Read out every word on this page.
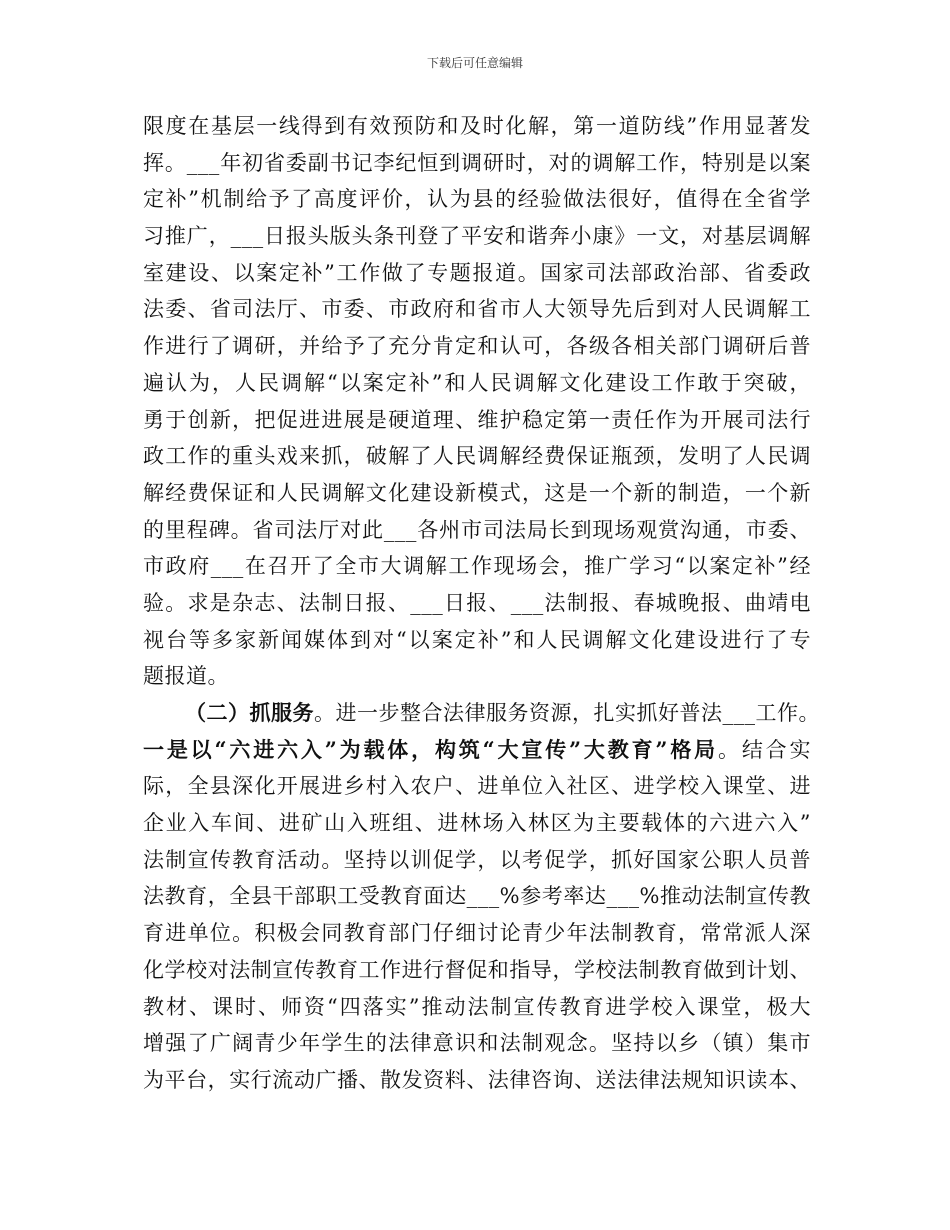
下载后可任意编辑
限度在基层一线得到有效预防和及时化解，第一道防线”作用显著发
挥。___年初省委副书记李纪恒到调研时，对的调解工作，特别是以案
定补”机制给予了高度评价，认为县的经验做法很好，值得在全省学
习推广，___日报头版头条刊登了平安和谐奔小康》一文，对基层调解
室建设、以案定补”工作做了专题报道。国家司法部政治部、省委政
法委、省司法厅、市委、市政府和省市人大领导先后到对人民调解工
作进行了调研，并给予了充分肯定和认可，各级各相关部门调研后普
遍认为，人民调解“以案定补”和人民调解文化建设工作敢于突破，
勇于创新，把促进进展是硬道理、维护稳定第一责任作为开展司法行
政工作的重头戏来抓，破解了人民调解经费保证瓶颈，发明了人民调
解经费保证和人民调解文化建设新模式，这是一个新的制造，一个新
的里程碑。省司法厅对此___各州市司法局长到现场观赏沟通，市委、
市政府___在召开了全市大调解工作现场会，推广学习“以案定补”经
验。求是杂志、法制日报、___日报、___法制报、春城晚报、曲靖电
视台等多家新闻媒体到对“以案定补”和人民调解文化建设进行了专
题报道。
（二）抓服务。进一步整合法律服务资源，扎实抓好普法___工作。
一是以“六进六入”为载体，构筑“大宣传”大教育”格局。结合实
际，全县深化开展进乡村入农户、进单位入社区、进学校入课堂、进
企业入车间、进矿山入班组、进林场入林区为主要载体的六进六入”
法制宣传教育活动。坚持以训促学，以考促学，抓好国家公职人员普
法教育，全县干部职工受教育面达___%参考率达___%推动法制宣传教
育进单位。积极会同教育部门仔细讨论青少年法制教育，常常派人深
化学校对法制宣传教育工作进行督促和指导，学校法制教育做到计划、
教材、课时、师资“四落实”推动法制宣传教育进学校入课堂，极大
增强了广阔青少年学生的法律意识和法制观念。坚持以乡（镇）集市
为平台，实行流动广播、散发资料、法律咨询、送法律法规知识读本、
